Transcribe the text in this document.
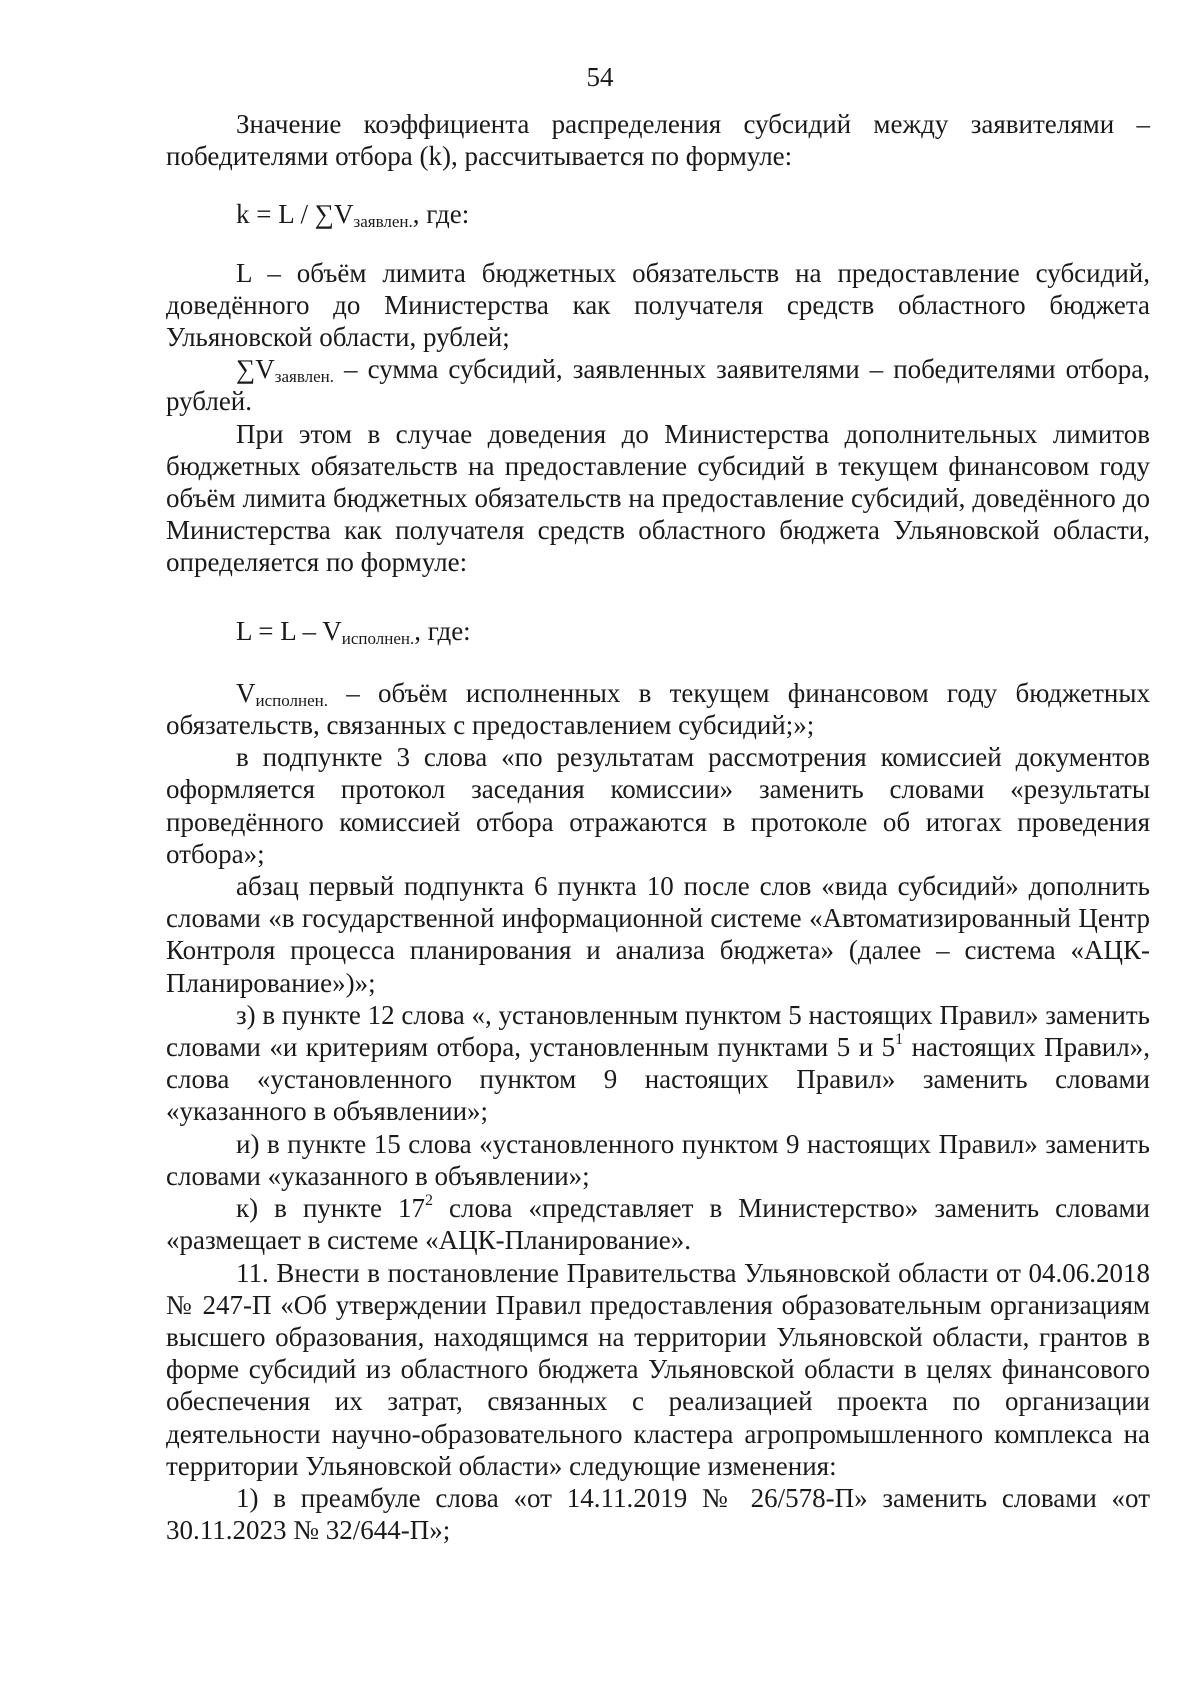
54

Значение коэффициента распределения субсидий между заявителями – победителями отбора (k), рассчитывается по формуле:

$k = L / \sum V_{заявлен.}$, где:

L – объём лимита бюджетных обязательств на предоставление субсидий, доведённого до Министерства как получателя средств областного бюджета Ульяновской области, рублей;

$\sum V_{заявлен.}$ – сумма субсидий, заявленных заявителями – победителями отбора, рублей.

При этом в случае доведения до Министерства дополнительных лимитов бюджетных обязательств на предоставление субсидий в текущем финансовом году объём лимита бюджетных обязательств на предоставление субсидий, доведённого до Министерства как получателя средств областного бюджета Ульяновской области, определяется по формуле:

$L = L - V_{исполнен.}$, где:

$V_{исполнен.}$ – объём исполненных в текущем финансовом году бюджетных обязательств, связанных с предоставлением субсидий;»;

в подпункте 3 слова «по результатам рассмотрения комиссией документов оформляется протокол заседания комиссии» заменить словами «результаты проведённого комиссией отбора отражаются в протоколе об итогах проведения отбора»;

абзац первый подпункта 6 пункта 10 после слов «вида субсидий» дополнить словами «в государственной информационной системе «Автоматизированный Центр Контроля процесса планирования и анализа бюджета» (далее – система «АЦК-Планирование»)»;

з) в пункте 12 слова «, установленным пунктом 5 настоящих Правил» заменить словами «и критериям отбора, установленным пунктами 5 и $5^1$ настоящих Правил», слова «установленного пунктом 9 настоящих Правил» заменить словами «указанного в объявлении»;

и) в пункте 15 слова «установленного пунктом 9 настоящих Правил» заменить словами «указанного в объявлении»;

к) в пункте $17^2$ слова «представляет в Министерство» заменить словами «размещает в системе «АЦК-Планирование».

11. Внести в постановление Правительства Ульяновской области от 04.06.2018 № 247-П «Об утверждении Правил предоставления образовательным организациям высшего образования, находящимся на территории Ульяновской области, грантов в форме субсидий из областного бюджета Ульяновской области в целях финансового обеспечения их затрат, связанных с реализацией проекта по организации деятельности научно-образовательного кластера агропромышленного комплекса на территории Ульяновской области» следующие изменения:

1) в преамбуле слова «от 14.11.2019 № 26/578-П» заменить словами «от 30.11.2023 № 32/644-П»;
